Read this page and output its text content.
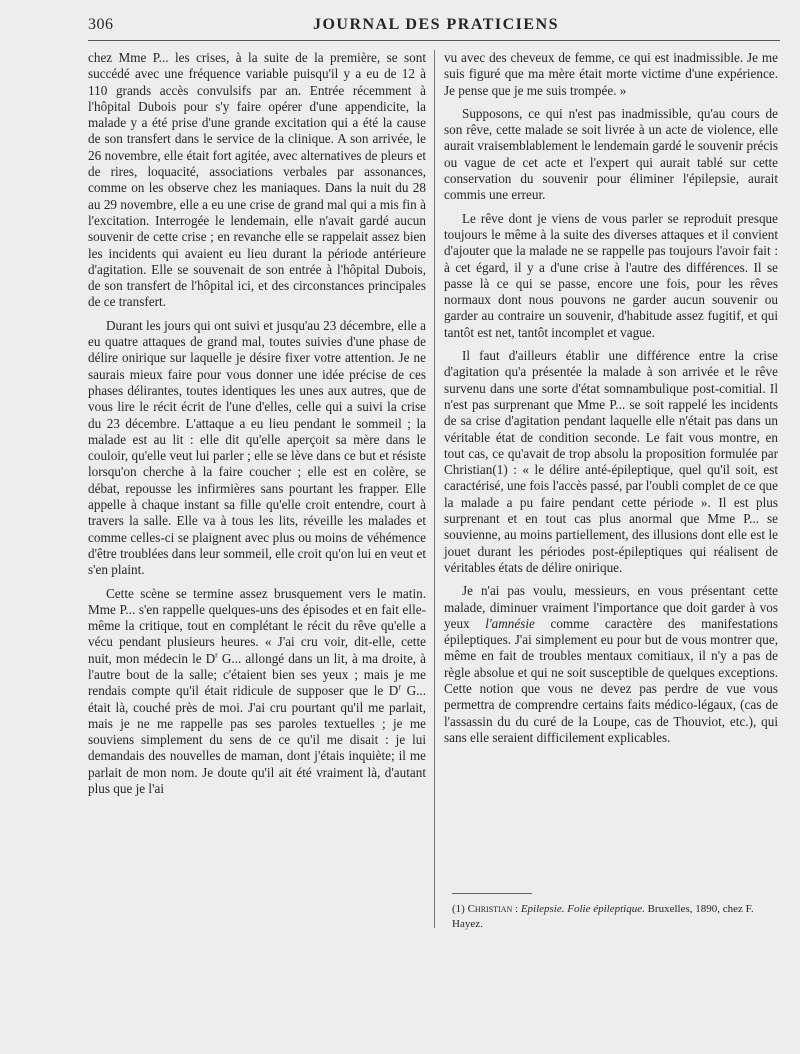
306	JOURNAL DES PRATICIENS

chez Mme P... les crises, à la suite de la première, se sont succédé avec une fréquence variable puisqu'il y a eu de 12 à 110 grands accès convulsifs par an. Entrée récemment à l'hôpital Dubois pour s'y faire opérer d'une appendicite, la malade y a été prise d'une grande excitation qui a été la cause de son transfert dans le service de la clinique. A son arrivée, le 26 novembre, elle était fort agitée, avec alternatives de pleurs et de rires, loquacité, associations verbales par assonances, comme on les observe chez les maniaques. Dans la nuit du 28 au 29 novembre, elle a eu une crise de grand mal qui a mis fin à l'excitation. Interrogée le lendemain, elle n'avait gardé aucun souvenir de cette crise ; en revanche elle se rappelait assez bien les incidents qui avaient eu lieu durant la période antérieure d'agitation. Elle se souvenait de son entrée à l'hôpital Dubois, de son transfert de l'hôpital ici, et des circonstances principales de ce transfert.

Durant les jours qui ont suivi et jusqu'au 23 décembre, elle a eu quatre attaques de grand mal, toutes suivies d'une phase de délire onirique sur laquelle je désire fixer votre attention. Je ne saurais mieux faire pour vous donner une idée précise de ces phases délirantes, toutes identiques les unes aux autres, que de vous lire le récit écrit de l'une d'elles, celle qui a suivi la crise du 23 décembre. L'attaque a eu lieu pendant le sommeil ; la malade est au lit : elle dit qu'elle aperçoit sa mère dans le couloir, qu'elle veut lui parler ; elle se lève dans ce but et résiste lorsqu'on cherche à la faire coucher ; elle est en colère, se débat, repousse les infirmières sans pourtant les frapper. Elle appelle à chaque instant sa fille qu'elle croit entendre, court à travers la salle. Elle va à tous les lits, réveille les malades et comme celles-ci se plaignent avec plus ou moins de véhémence d'être troublées dans leur sommeil, elle croit qu'on lui en veut et s'en plaint.

Cette scène se termine assez brusquement vers le matin. Mme P... s'en rappelle quelques-uns des épisodes et en fait elle-même la critique, tout en complétant le récit du rêve qu'elle a vécu pendant plusieurs heures. « J'ai cru voir, dit-elle, cette nuit, mon médecin le $D^r$ G... allongé dans un lit, à ma droite, à l'autre bout de la salle; c'étaient bien ses yeux ; mais je me rendais compte qu'il était ridicule de supposer que le $D^r$ G... était là, couché près de moi. J'ai cru pourtant qu'il me parlait, mais je ne me rappelle pas ses paroles textuelles ; je me souviens simplement du sens de ce qu'il me disait : je lui demandais des nouvelles de maman, dont j'étais inquiète; il me parlait de mon nom. Je doute qu'il ait été vraiment là, d'autant plus que je l'ai

vu avec des cheveux de femme, ce qui est inadmissible. Je me suis figuré que ma mère était morte victime d'une expérience. Je pense que je me suis trompée. »

Supposons, ce qui n'est pas inadmissible, qu'au cours de son rêve, cette malade se soit livrée à un acte de violence, elle aurait vraisemblablement le lendemain gardé le souvenir précis ou vague de cet acte et l'expert qui aurait tablé sur cette conservation du souvenir pour éliminer l'épilepsie, aurait commis une erreur.

Le rêve dont je viens de vous parler se reproduit presque toujours le même à la suite des diverses attaques et il convient d'ajouter que la malade ne se rappelle pas toujours l'avoir fait : à cet égard, il y a d'une crise à l'autre des différences. Il se passe là ce qui se passe, encore une fois, pour les rêves normaux dont nous pouvons ne garder aucun souvenir ou garder au contraire un souvenir, d'habitude assez fugitif, et qui tantôt est net, tantôt incomplet et vague.

Il faut d'ailleurs établir une différence entre la crise d'agitation qu'a présentée la malade à son arrivée et le rêve survenu dans une sorte d'état somnambulique post-comitial. Il n'est pas surprenant que Mme P... se soit rappelé les incidents de sa crise d'agitation pendant laquelle elle n'était pas dans un véritable état de condition seconde. Le fait vous montre, en tout cas, ce qu'avait de trop absolu la proposition formulée par Christian(1) : « le délire anté-épileptique, quel qu'il soit, est caractérisé, une fois l'accès passé, par l'oubli complet de ce que la malade a pu faire pendant cette période ». Il est plus surprenant et en tout cas plus anormal que Mme P... se souvienne, au moins partiellement, des illusions dont elle est le jouet durant les périodes post-épileptiques qui réalisent de véritables états de délire onirique.

Je n'ai pas voulu, messieurs, en vous présentant cette malade, diminuer vraiment l'importance que doit garder à vos yeux l'amnésie comme caractère des manifestations épileptiques. J'ai simplement eu pour but de vous montrer que, même en fait de troubles mentaux comitiaux, il n'y a pas de règle absolue et qui ne soit susceptible de quelques exceptions. Cette notion que vous ne devez pas perdre de vue vous permettra de comprendre certains faits médico-légaux, (cas de l'assassin du du curé de la Loupe, cas de Thouviot, etc.), qui sans elle seraient difficilement explicables.

(1) Christian : Epilepsie. Folie épileptique. Bruxelles, 1890, chez F. Hayez.
